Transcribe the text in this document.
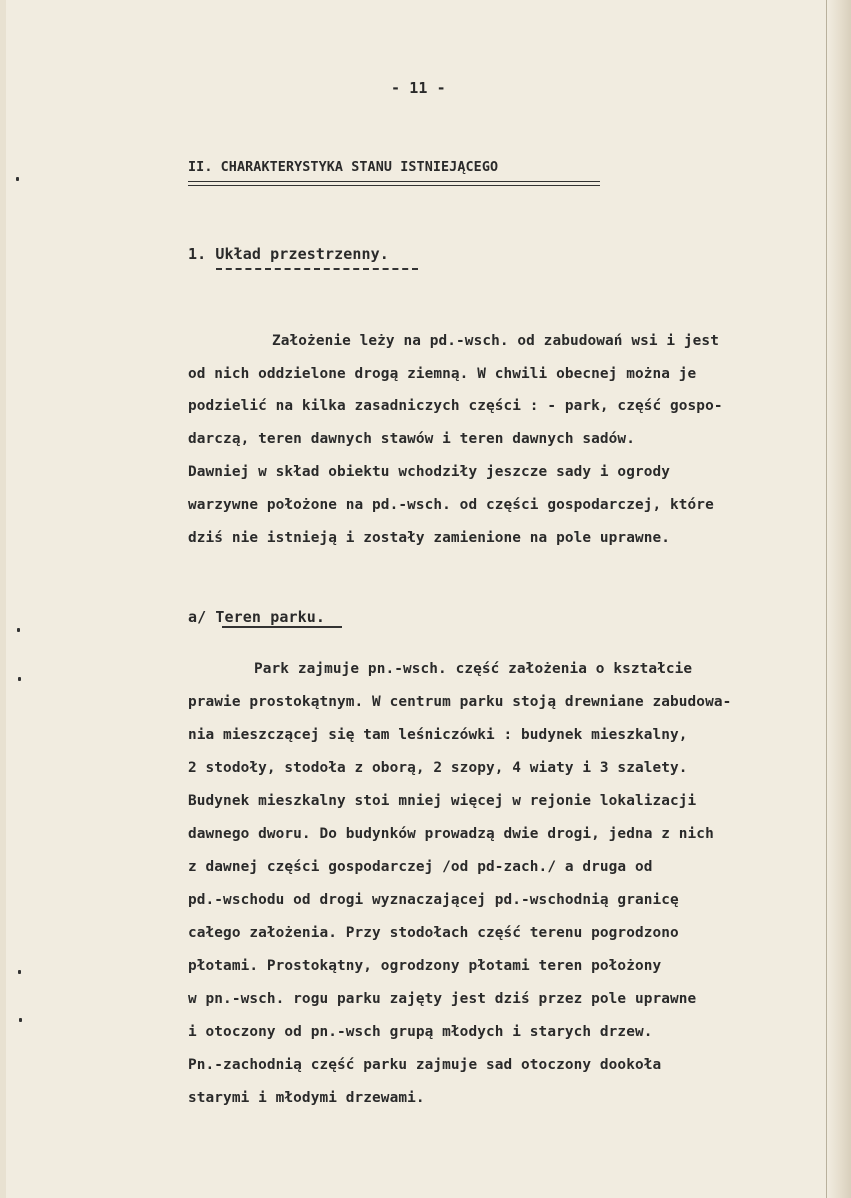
- 11 -
II. CHARAKTERYSTYKA STANU ISTNIEJĄCEGO
1. Układ przestrzenny.
Założenie leży na pd.-wsch. od zabudowań wsi i jest
od nich oddzielone drogą ziemną. W chwili obecnej można je
podzielić na kilka zasadniczych części : - park, część gospo-
darczą, teren dawnych stawów i teren dawnych sadów.
Dawniej w skład obiektu wchodziły jeszcze sady i ogrody
warzywne położone na pd.-wsch. od części gospodarczej, które
dziś nie istnieją i zostały zamienione na pole uprawne.
a/ Teren parku.
Park zajmuje pn.-wsch. część założenia o kształcie
prawie prostokątnym. W centrum parku stoją drewniane zabudowa-
nia mieszczącej się tam leśniczówki : budynek mieszkalny,
2 stodoły, stodoła z oborą, 2 szopy, 4 wiaty i 3 szalety.
Budynek mieszkalny stoi mniej więcej w rejonie lokalizacji
dawnego dworu. Do budynków prowadzą dwie drogi, jedna z nich
z dawnej części gospodarczej /od pd-zach./ a druga od
pd.-wschodu od drogi wyznaczającej pd.-wschodnią granicę
całego założenia. Przy stodołach część terenu pogrodzono
płotami. Prostokątny, ogrodzony płotami teren położony
w pn.-wsch. rogu parku zajęty jest dziś przez pole uprawne
i otoczony od pn.-wsch grupą młodych i starych drzew.
Pn.-zachodnią część parku zajmuje sad otoczony dookoła
starymi i młodymi drzewami.
